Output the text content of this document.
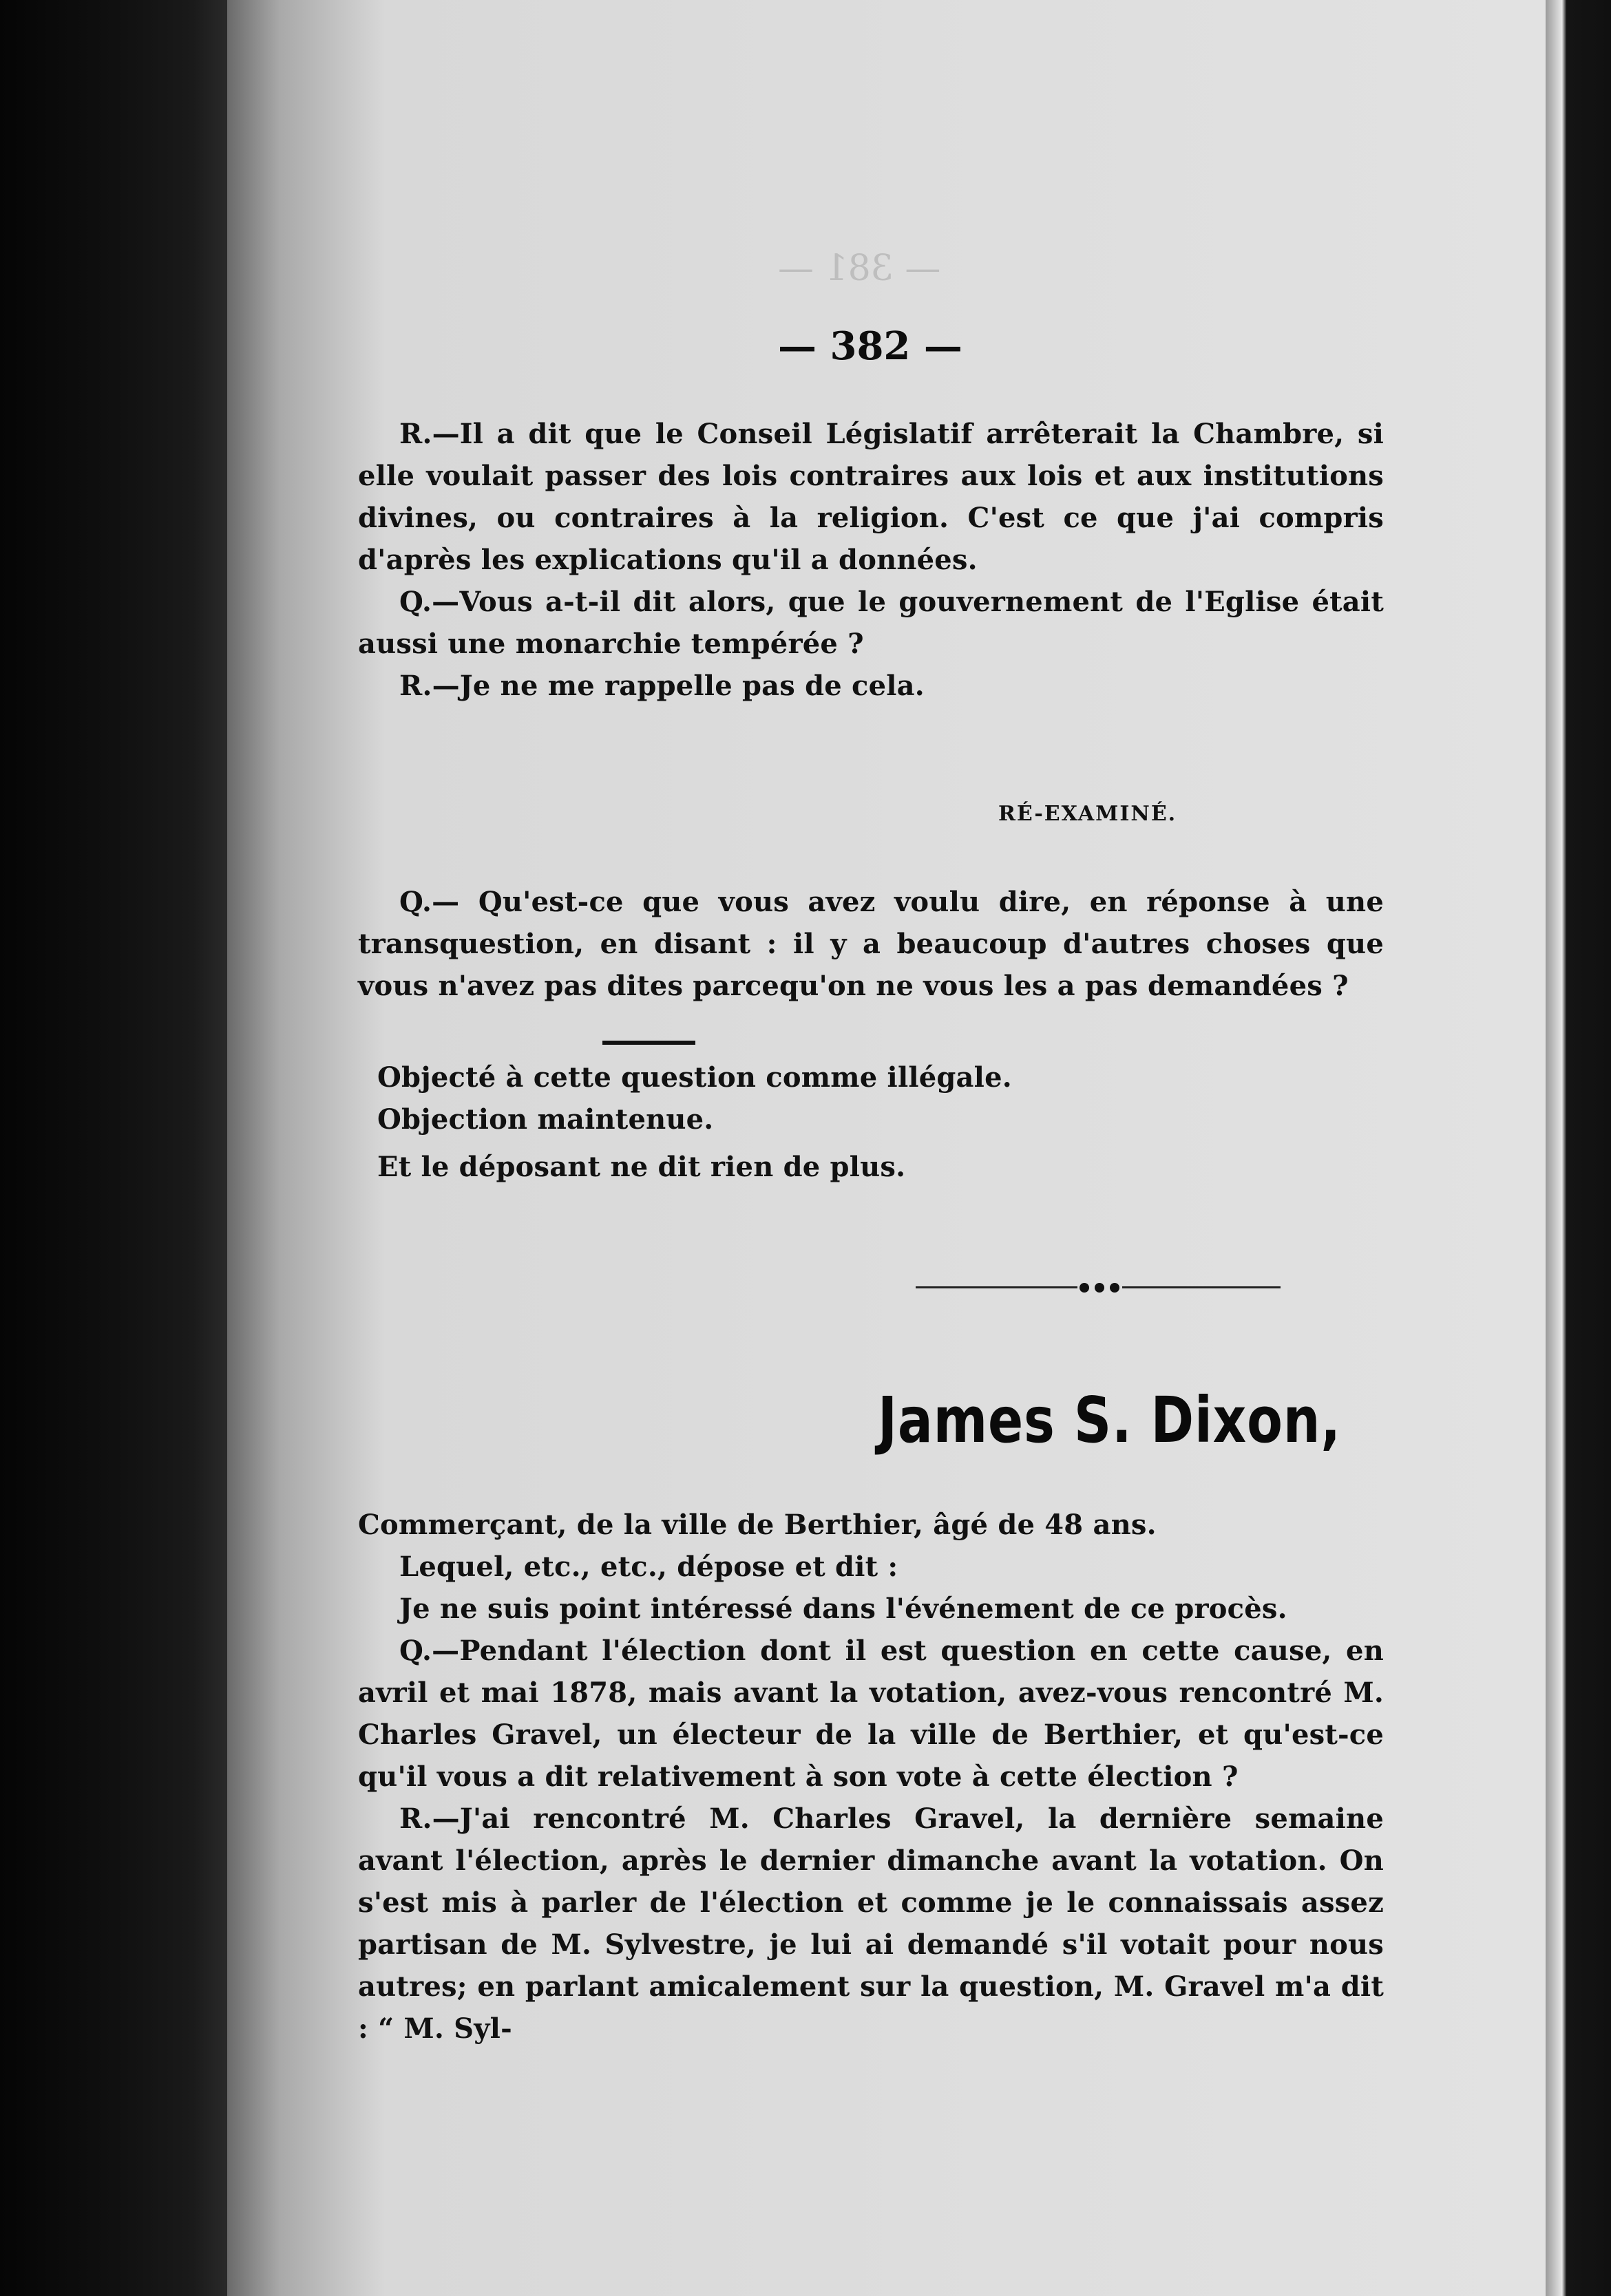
— 381 —
— 382 —

R.—Il a dit que le Conseil Législatif arrêterait la Chambre, si elle voulait passer des lois contraires aux lois et aux institutions divines, ou contraires à la religion. C'est ce que j'ai compris d'après les explications qu'il a données.

Q.—Vous a-t-il dit alors, que le gouvernement de l'Eglise était aussi une monarchie tempérée ?

R.—Je ne me rappelle pas de cela.

RÉ-EXAMINÉ.

Q.— Qu'est-ce que vous avez voulu dire, en réponse à une transquestion, en disant : il y a beaucoup d'autres choses que vous n'avez pas dites parcequ'on ne vous les a pas demandées ?

Objecté à cette question comme illégale.

Objection maintenue.

Et le déposant ne dit rien de plus.

James S. Dixon,

Commerçant, de la ville de Berthier, âgé de 48 ans.

Lequel, etc., etc., dépose et dit :

Je ne suis point intéressé dans l'événement de ce procès.

Q.—Pendant l'élection dont il est question en cette cause, en avril et mai 1878, mais avant la votation, avez-vous rencontré M. Charles Gravel, un électeur de la ville de Berthier, et qu'est-ce qu'il vous a dit relativement à son vote à cette élection ?

R.—J'ai rencontré M. Charles Gravel, la dernière semaine avant l'élection, après le dernier dimanche avant la votation. On s'est mis à parler de l'élection et comme je le connaissais assez partisan de M. Sylvestre, je lui ai demandé s'il votait pour nous autres; en parlant amicalement sur la question, M. Gravel m'a dit : “ M. Syl-
